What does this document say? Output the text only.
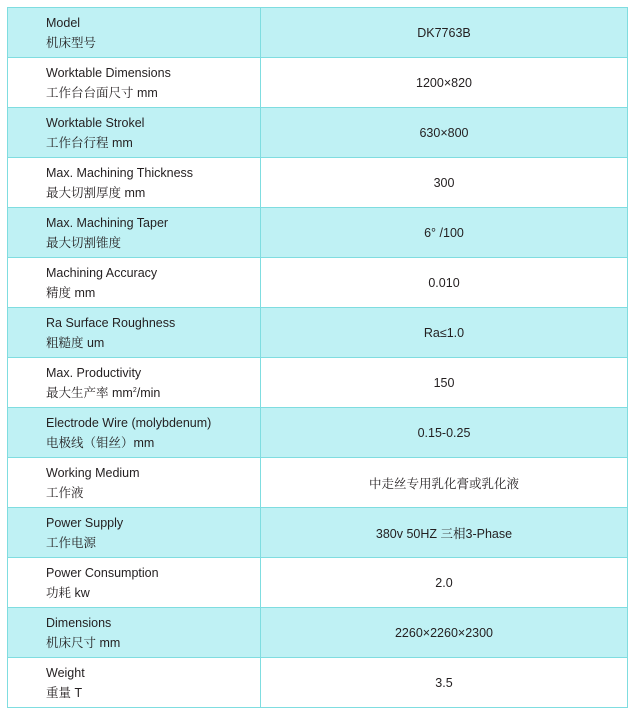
Model
机床型号	DK7763B

Worktable Dimensions
工作台台面尺寸 mm	1200×820

Worktable Strokel
工作台行程 mm	630×800

Max. Machining Thickness
最大切割厚度 mm	300

Max. Machining Taper
最大切割锥度	6° /100

Machining Accuracy
精度 mm	0.010

Ra Surface Roughness
粗糙度 um	Ra≤1.0

Max. Productivity
最大生产率 $mm^2/\min$	150

Electrode Wire (molybdenum)
电极线（钼丝）mm	0.15-0.25

Working Medium
工作液	中走丝专用乳化膏或乳化液

Power Supply
工作电源	380v 50HZ 三相3-Phase

Power Consumption
功耗 kw	2.0

Dimensions
机床尺寸 mm	2260×2260×2300

Weight
重量 T	3.5
